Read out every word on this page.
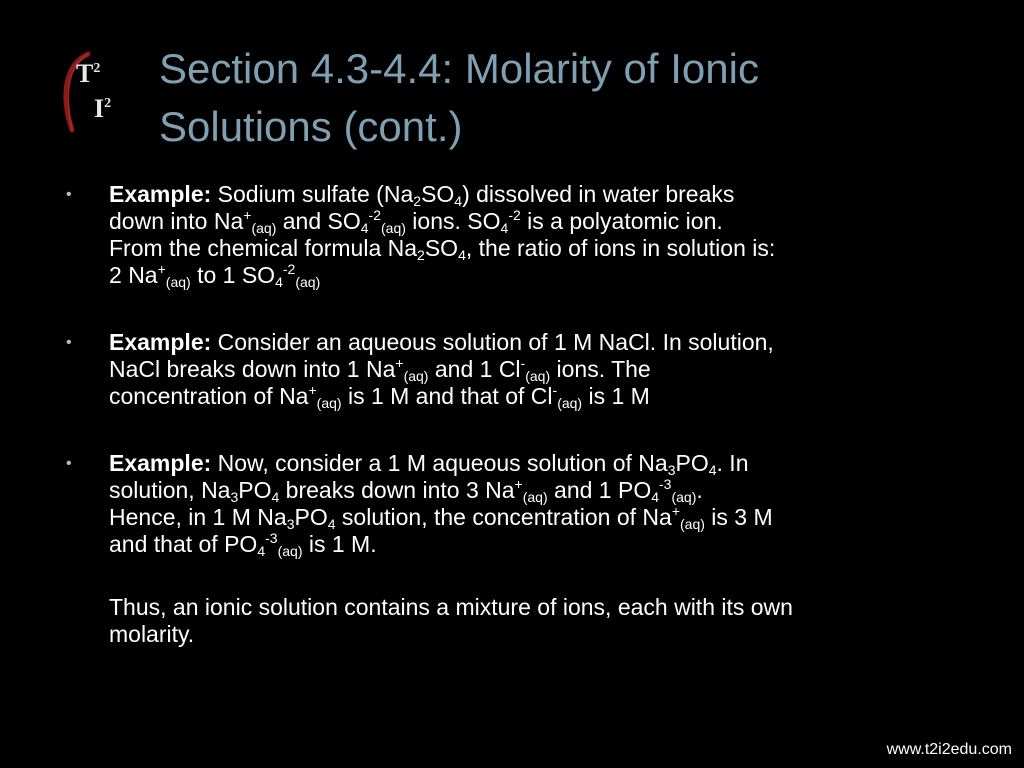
$T^2$
$I^2$
Section 4.3-4.4: Molarity of Ionic
Solutions (cont.)
• Example: Sodium sulfate $(Na_2SO_4)$ dissolved in water breaks
down into $Na^+_{(aq)}$ and $SO_4^{-2}_{(aq)}$ ions. $SO_4^{-2}$ is a polyatomic ion.
From the chemical formula $Na_2SO_4$, the ratio of ions in solution is:
2 $Na^+_{(aq)}$ to 1 $SO_4^{-2}_{(aq)}$
• Example: Consider an aqueous solution of 1 M NaCl. In solution,
NaCl breaks down into 1 $Na^+_{(aq)}$ and 1 $Cl^-_{(aq)}$ ions. The
concentration of $Na^+_{(aq)}$ is 1 M and that of $Cl^-_{(aq)}$ is 1 M
• Example: Now, consider a 1 M aqueous solution of $Na_3PO_4$. In
solution, $Na_3PO_4$ breaks down into 3 $Na^+_{(aq)}$ and 1 $PO_4^{-3}_{(aq)}$.
Hence, in 1 M $Na_3PO_4$ solution, the concentration of $Na^+_{(aq)}$ is 3 M
and that of $PO_4^{-3}_{(aq)}$ is 1 M.
Thus, an ionic solution contains a mixture of ions, each with its own
molarity.
www.t2i2edu.com
